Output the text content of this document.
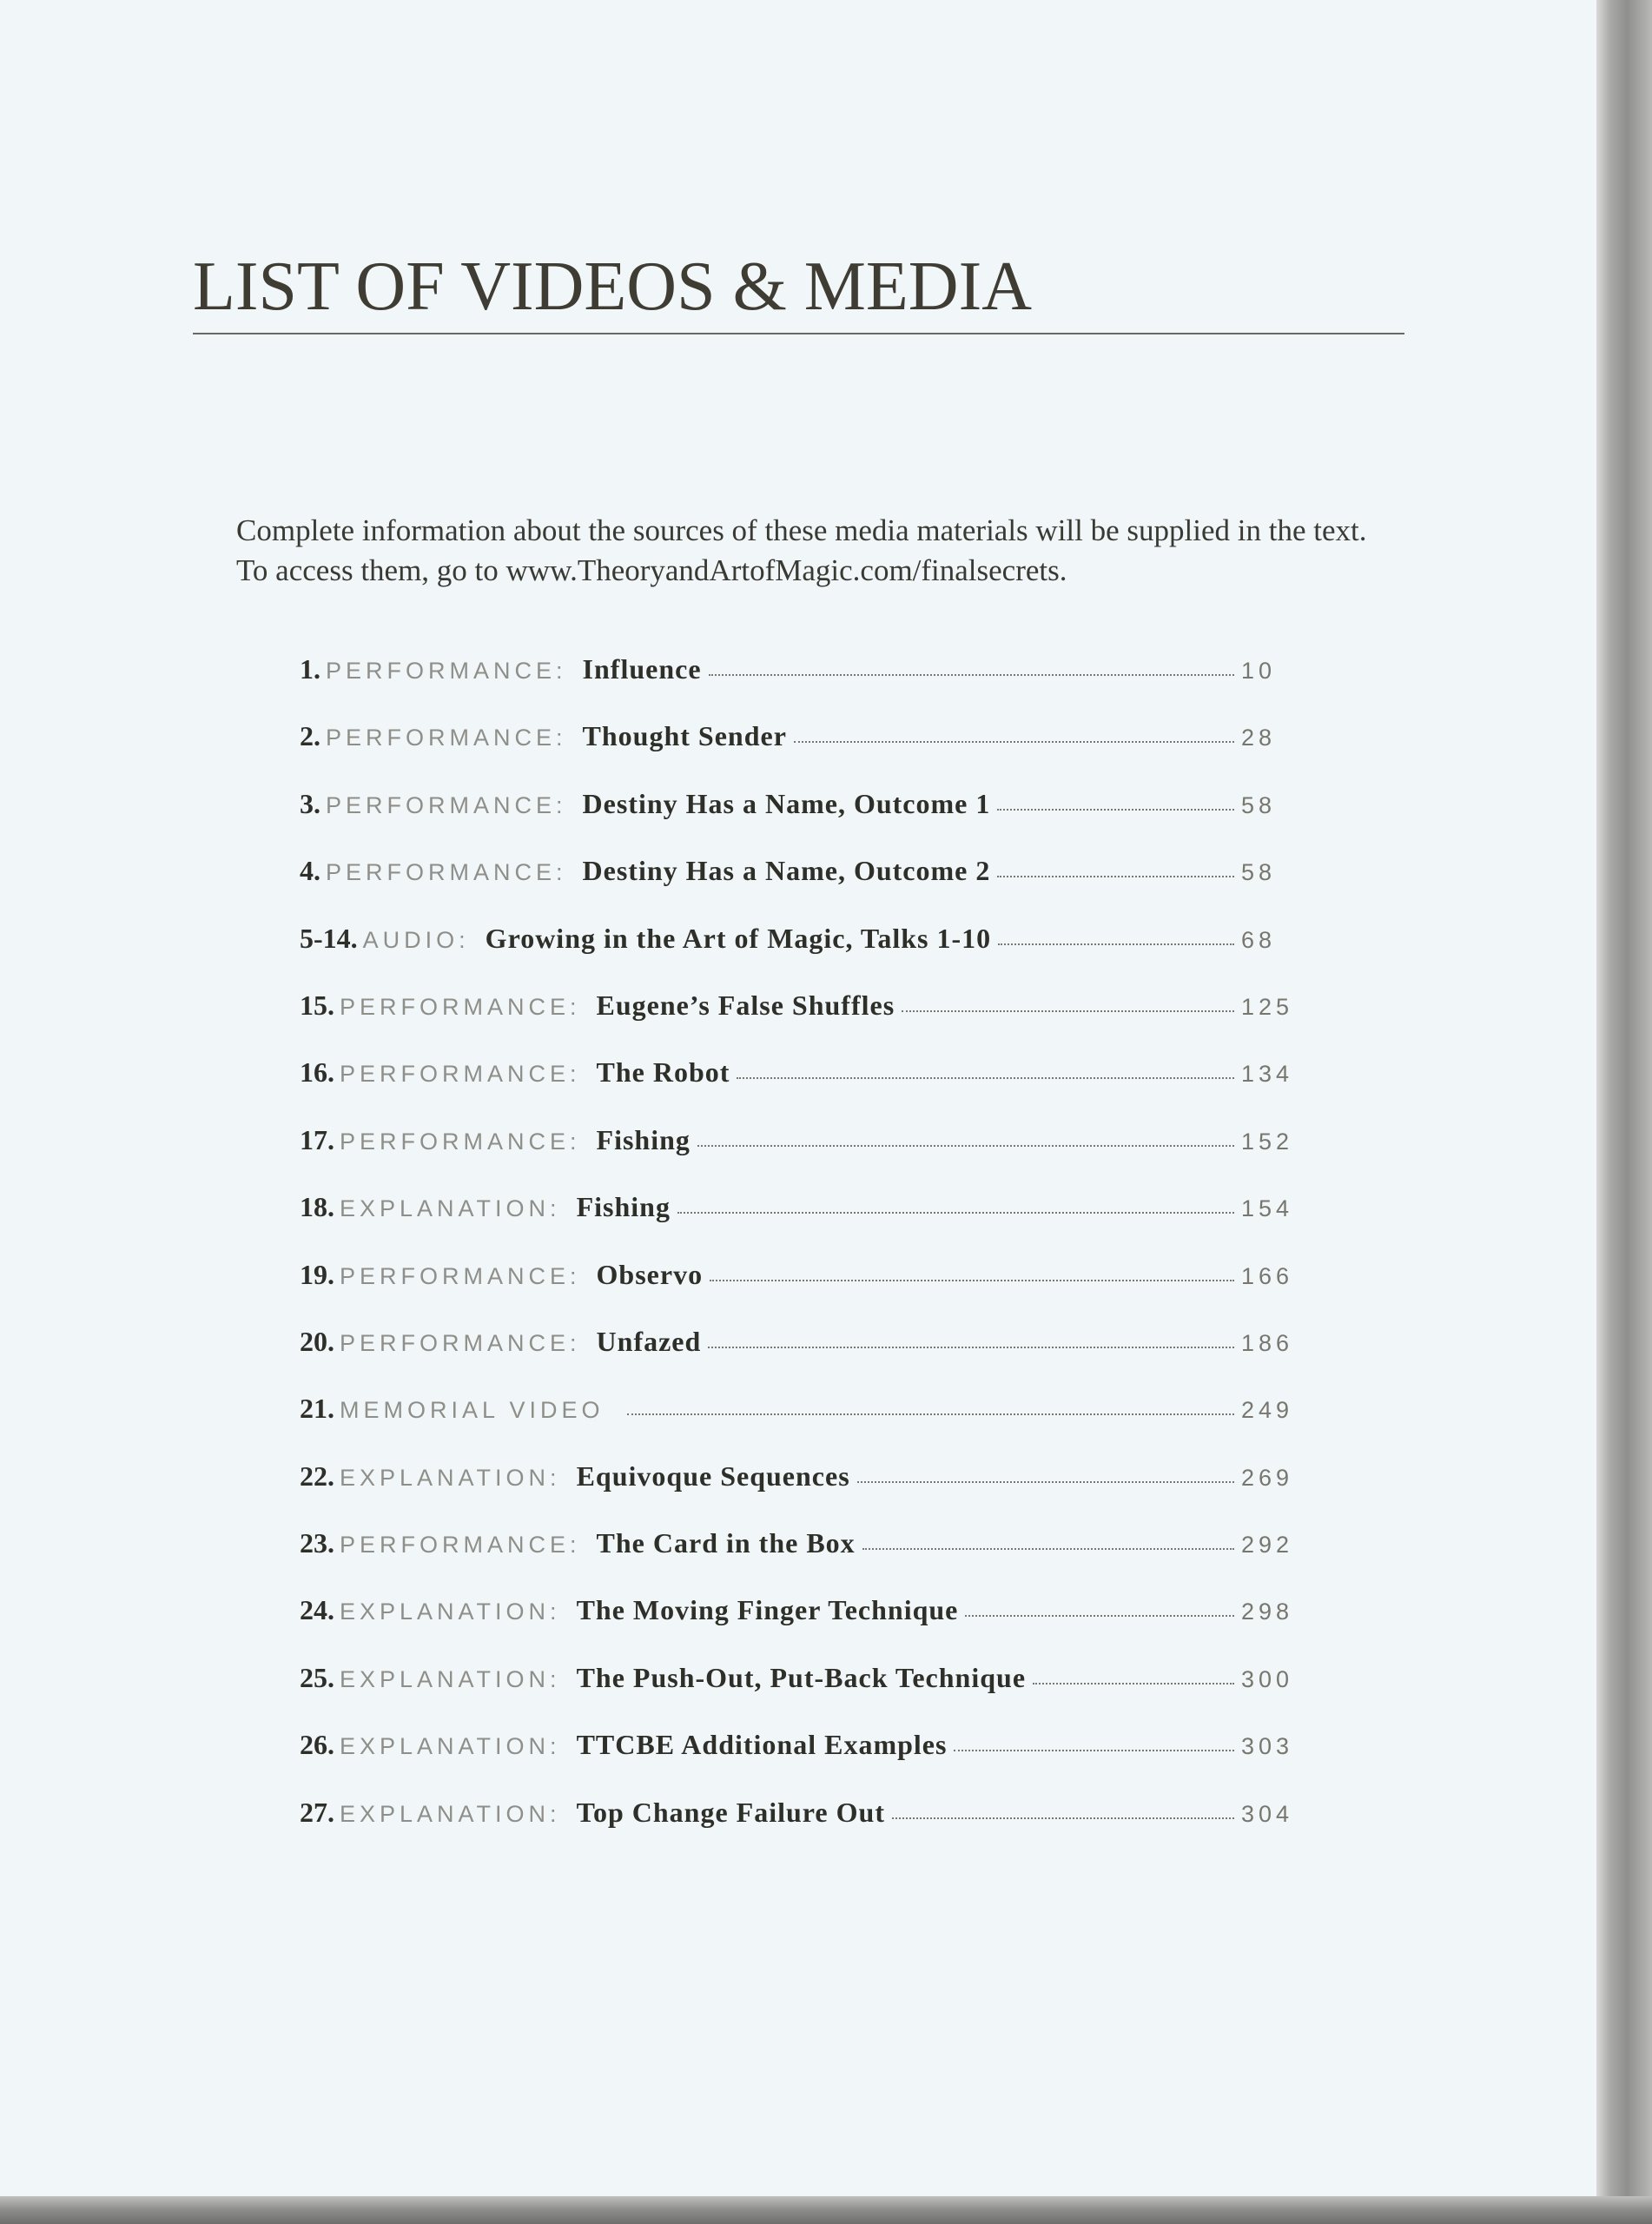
LIST OF VIDEOS & MEDIA

Complete information about the sources of these media materials will be supplied in the text. To access them, go to www.TheoryandArtofMagic.com/finalsecrets.

1. PERFORMANCE: Influence	10
2. PERFORMANCE: Thought Sender	28
3. PERFORMANCE: Destiny Has a Name, Outcome 1	58
4. PERFORMANCE: Destiny Has a Name, Outcome 2	58
5-14. AUDIO: Growing in the Art of Magic, Talks 1-10	68
15. PERFORMANCE: Eugene’s False Shuffles	125
16. PERFORMANCE: The Robot	134
17. PERFORMANCE: Fishing	152
18. EXPLANATION: Fishing	154
19. PERFORMANCE: Observo	166
20. PERFORMANCE: Unfazed	186
21. MEMORIAL VIDEO	249
22. EXPLANATION: Equivoque Sequences	269
23. PERFORMANCE: The Card in the Box	292
24. EXPLANATION: The Moving Finger Technique	298
25. EXPLANATION: The Push-Out, Put-Back Technique	300
26. EXPLANATION: TTCBE Additional Examples	303
27. EXPLANATION: Top Change Failure Out	304
